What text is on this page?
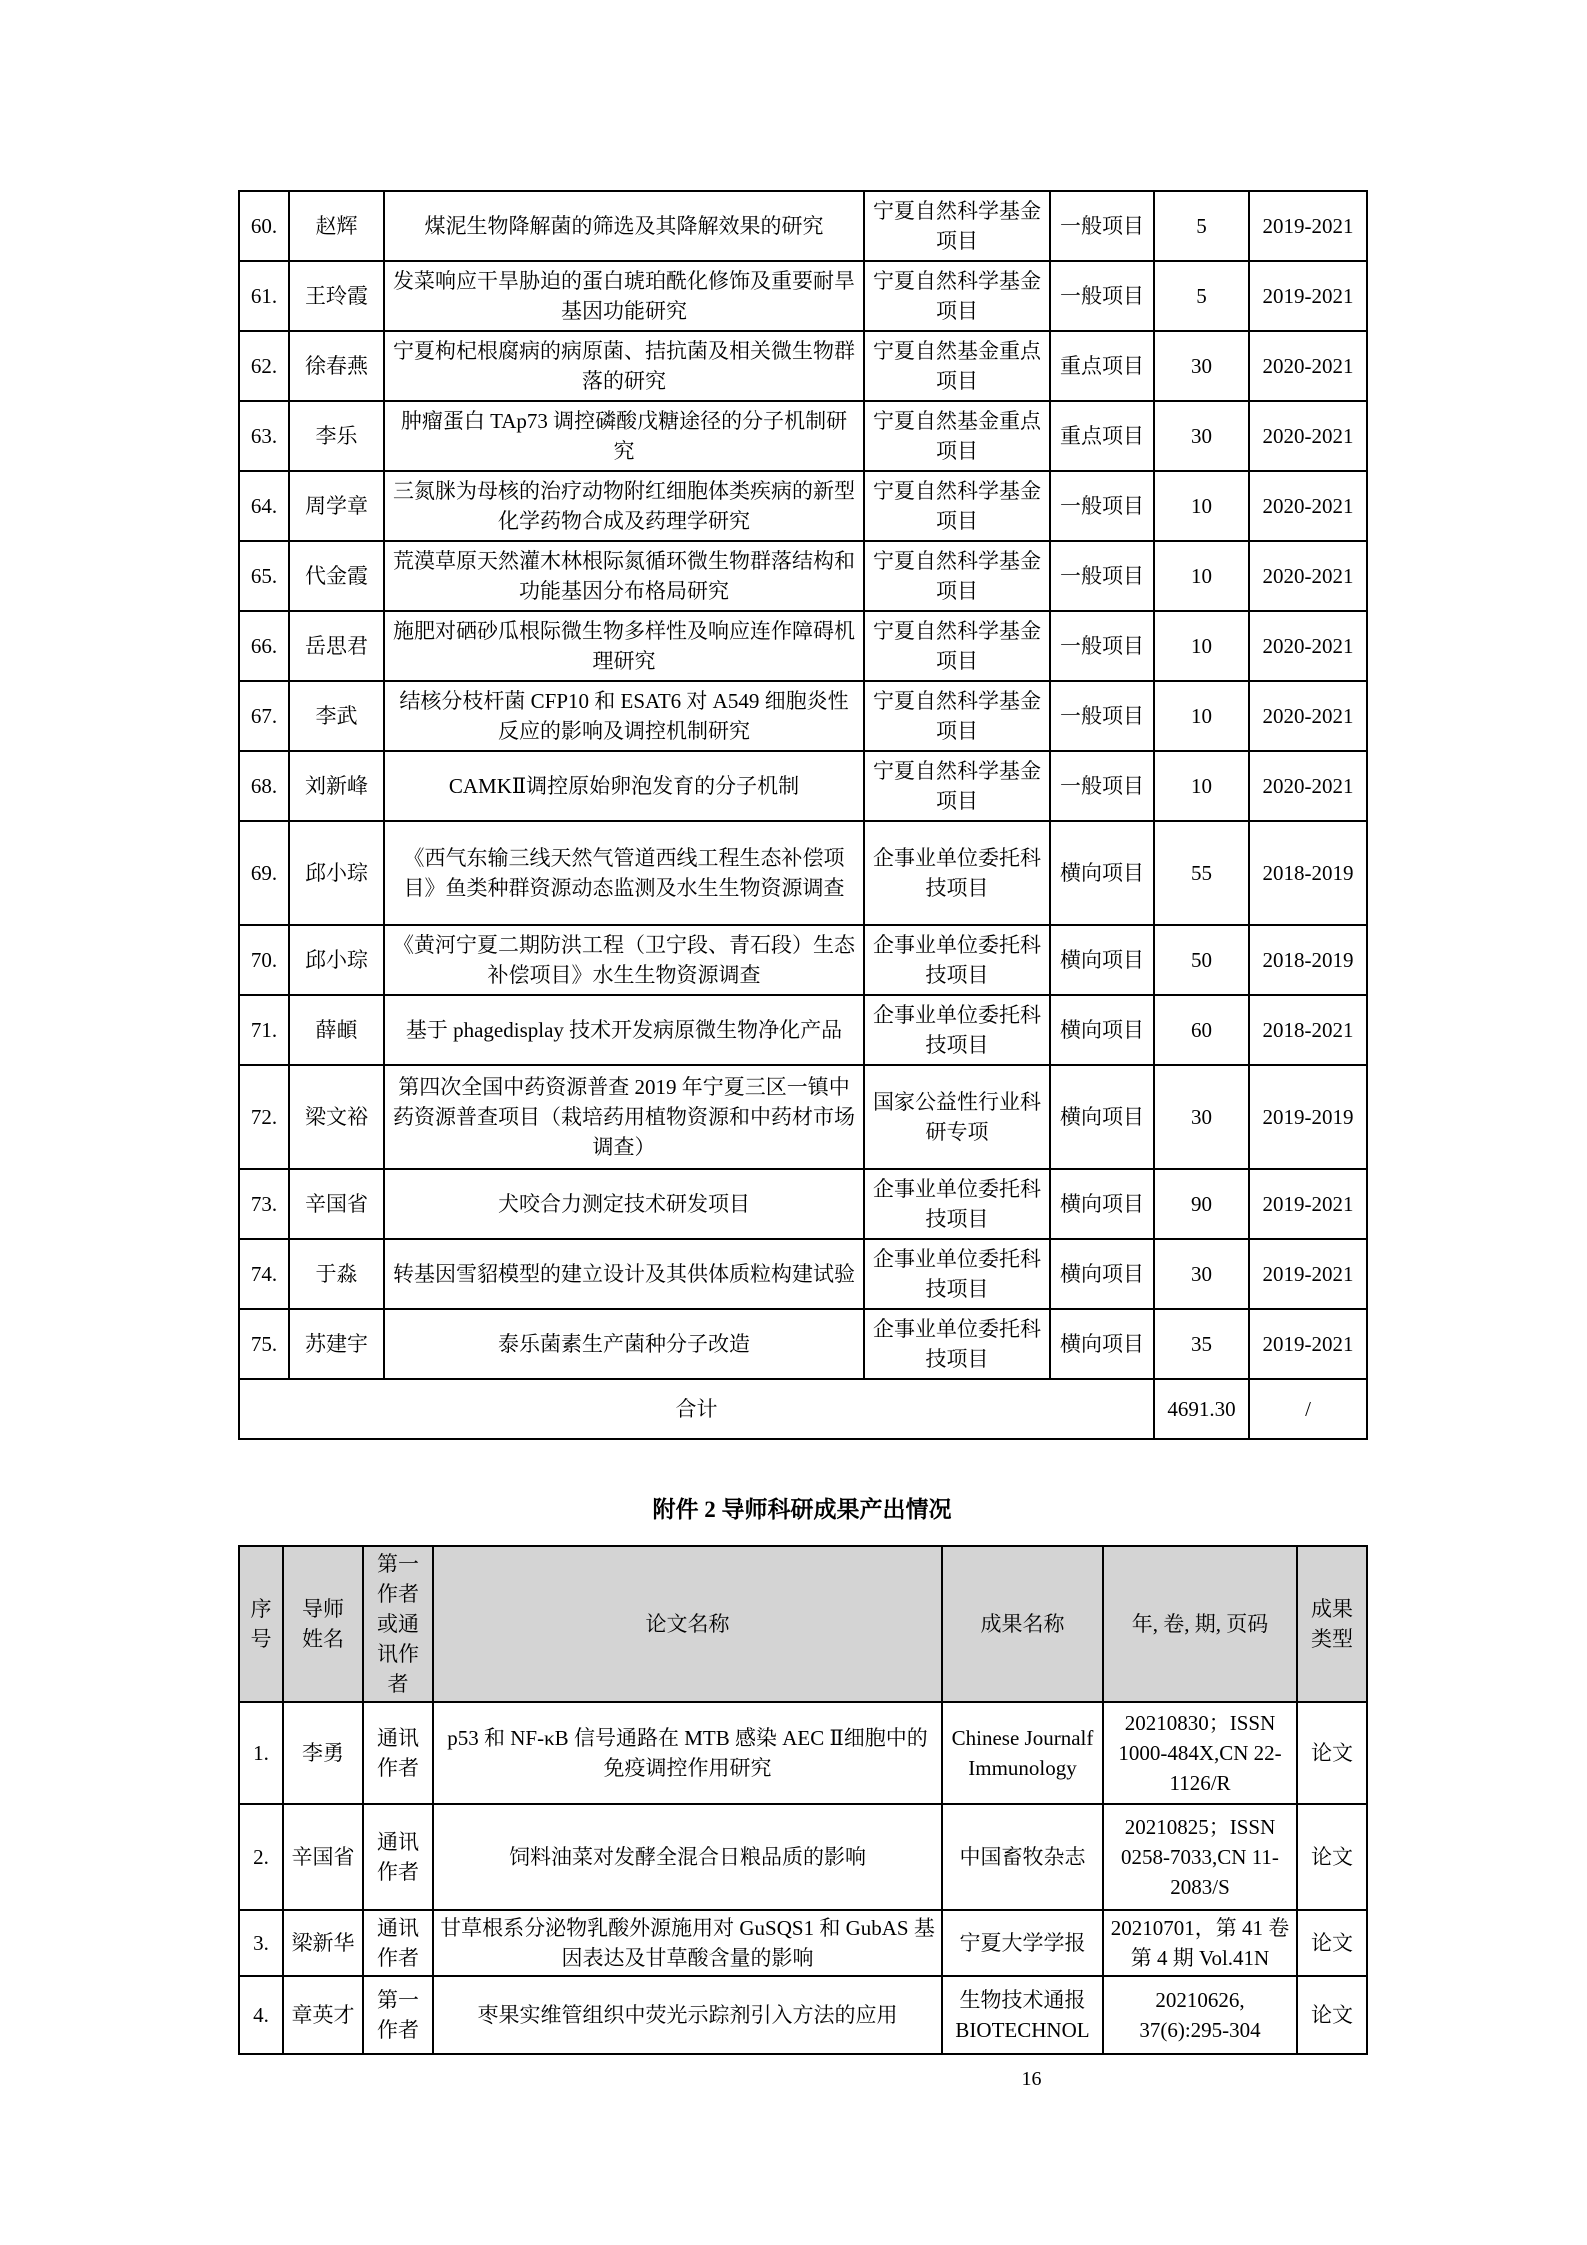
60.	赵辉	煤泥生物降解菌的筛选及其降解效果的研究	宁夏自然科学基金项目	一般项目	5	2019-2021
61.	王玲霞	发菜响应干旱胁迫的蛋白琥珀酰化修饰及重要耐旱基因功能研究	宁夏自然科学基金项目	一般项目	5	2019-2021
62.	徐春燕	宁夏枸杞根腐病的病原菌、拮抗菌及相关微生物群落的研究	宁夏自然基金重点项目	重点项目	30	2020-2021
63.	李乐	肿瘤蛋白 TAp73 调控磷酸戊糖途径的分子机制研究	宁夏自然基金重点项目	重点项目	30	2020-2021
64.	周学章	三氮脒为母核的治疗动物附红细胞体类疾病的新型化学药物合成及药理学研究	宁夏自然科学基金项目	一般项目	10	2020-2021
65.	代金霞	荒漠草原天然灌木林根际氮循环微生物群落结构和功能基因分布格局研究	宁夏自然科学基金项目	一般项目	10	2020-2021
66.	岳思君	施肥对硒砂瓜根际微生物多样性及响应连作障碍机理研究	宁夏自然科学基金项目	一般项目	10	2020-2021
67.	李武	结核分枝杆菌 CFP10 和 ESAT6 对 A549 细胞炎性反应的影响及调控机制研究	宁夏自然科学基金项目	一般项目	10	2020-2021
68.	刘新峰	CAMKⅡ调控原始卵泡发育的分子机制	宁夏自然科学基金项目	一般项目	10	2020-2021
69.	邱小琮	《西气东输三线天然气管道西线工程生态补偿项目》鱼类种群资源动态监测及水生生物资源调查	企事业单位委托科技项目	横向项目	55	2018-2019
70.	邱小琮	《黄河宁夏二期防洪工程（卫宁段、青石段）生态补偿项目》水生生物资源调查	企事业单位委托科技项目	横向项目	50	2018-2019
71.	薛頔	基于 phagedisplay 技术开发病原微生物净化产品	企事业单位委托科技项目	横向项目	60	2018-2021
72.	梁文裕	第四次全国中药资源普查 2019 年宁夏三区一镇中药资源普查项目（栽培药用植物资源和中药材市场调查）	国家公益性行业科研专项	横向项目	30	2019-2019
73.	辛国省	犬咬合力测定技术研发项目	企事业单位委托科技项目	横向项目	90	2019-2021
74.	于淼	转基因雪貂模型的建立设计及其供体质粒构建试验	企事业单位委托科技项目	横向项目	30	2019-2021
75.	苏建宇	泰乐菌素生产菌种分子改造	企事业单位委托科技项目	横向项目	35	2019-2021
合计					4691.30	/
附件 2 导师科研成果产出情况
序号	导师姓名	第一作者或通讯作者	论文名称	成果名称	年, 卷, 期, 页码	成果类型
1.	李勇	通讯作者	p53 和 NF-κB 信号通路在 MTB 感染 AEC Ⅱ细胞中的免疫调控作用研究	Chinese Journalf Immunology	20210830；ISSN 1000-484X,CN 22-1126/R	论文
2.	辛国省	通讯作者	饲料油菜对发酵全混合日粮品质的影响	中国畜牧杂志	20210825；ISSN 0258-7033,CN 11-2083/S	论文
3.	梁新华	通讯作者	甘草根系分泌物乳酸外源施用对 GuSQS1 和 GubAS 基因表达及甘草酸含量的影响	宁夏大学学报	20210701，第 41 卷第 4 期 Vol.41N	论文
4.	章英才	第一作者	枣果实维管组织中荧光示踪剂引入方法的应用	生物技术通报 BIOTECHNOL	20210626, 37(6):295-304	论文
16
